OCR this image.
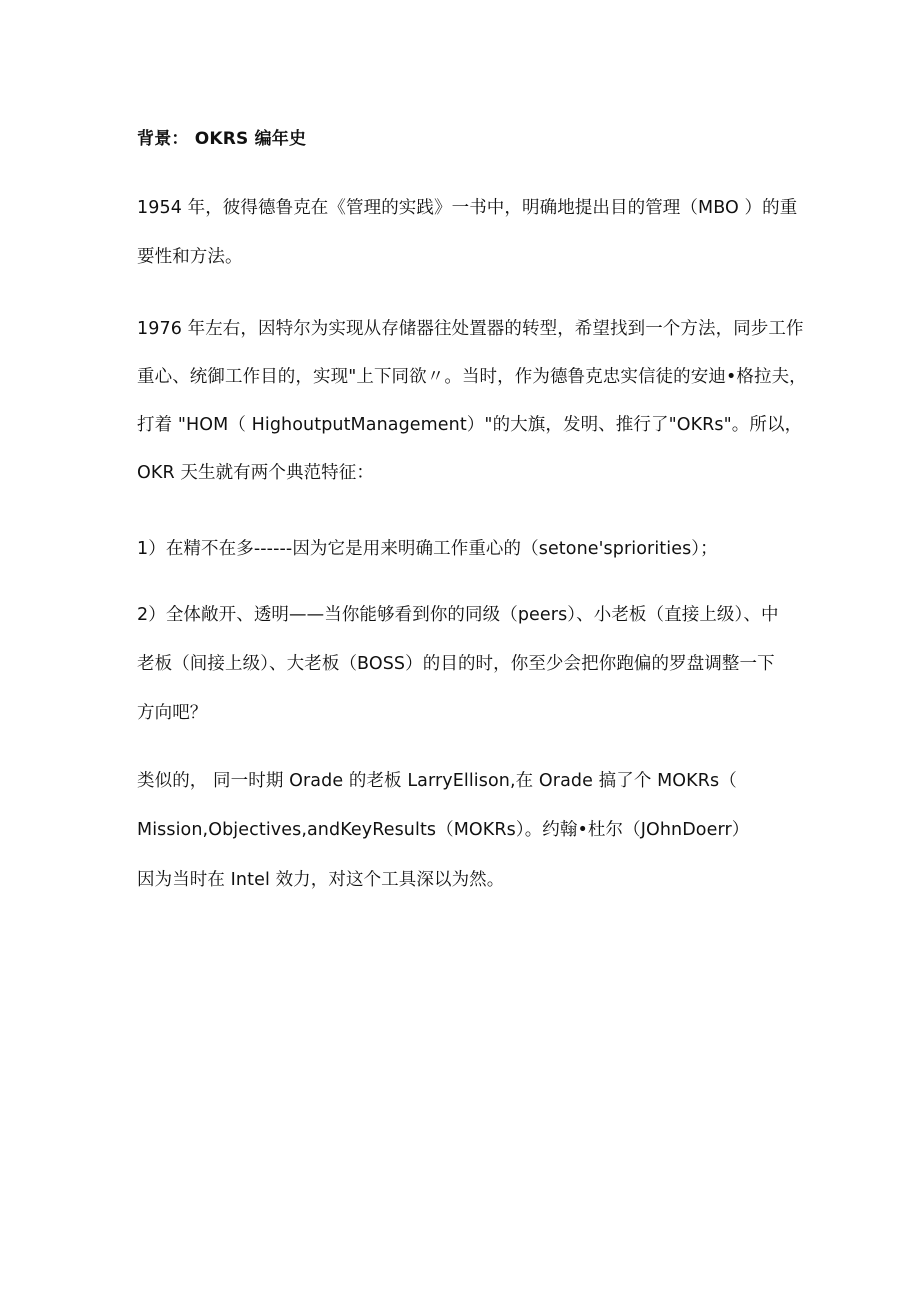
背景： OKRS 编年史
1954 年，彼得德鲁克在《管理的实践》一书中，明确地提出目的管理（MBO ）的重
要性和方法。
1976 年左右，因特尔为实现从存储器往处置器的转型，希望找到一个方法，同步工作
重心、统御工作目的，实现"上下同欲〃。当时，作为德鲁克忠实信徒的安迪•格拉夫，
打着 "HOM（ HighoutputManagement）"的大旗，发明、推行了"OKRs"。所以，
OKR 天生就有两个典范特征：
1）在精不在多------因为它是用来明确工作重心的（setone'spriorities）；
2）全体敞开、透明——当你能够看到你的同级（peers）、小老板（直接上级）、中
老板（间接上级）、大老板（BOSS）的目的时，你至少会把你跑偏的罗盘调整一下
方向吧？
类似的， 同一时期 Orade 的老板 LarryEllison,在 Orade 搞了个 MOKRs（
Mission,Objectives,andKeyResults（MOKRs）。约翰•杜尔（JOhnDoerr）
因为当时在 Intel 效力，对这个工具深以为然。
